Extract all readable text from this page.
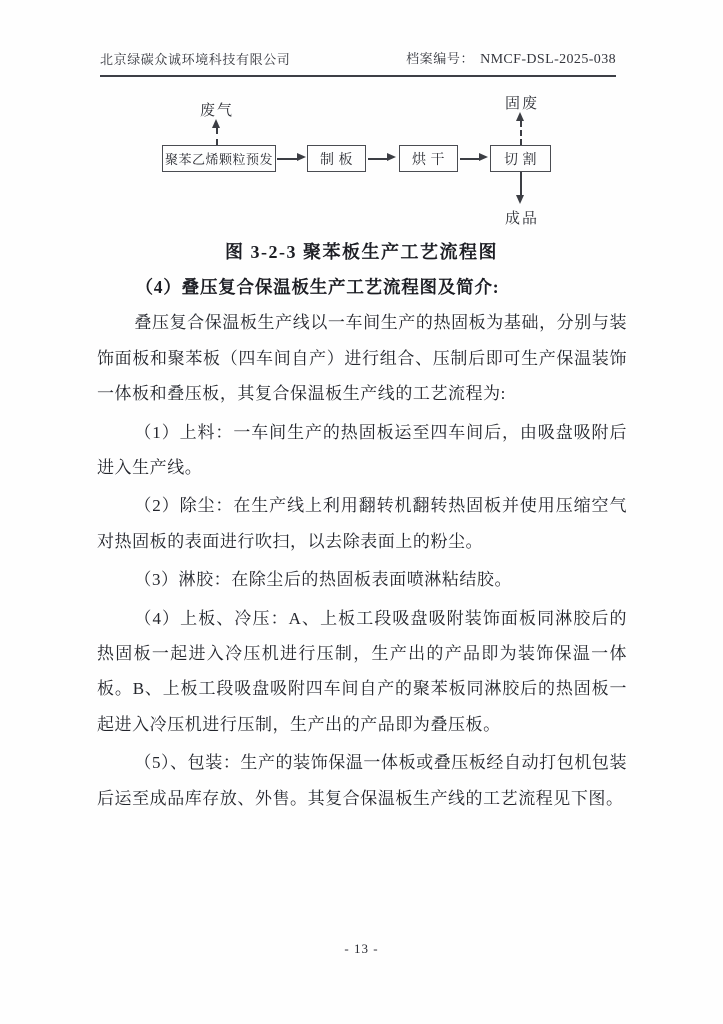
北京绿碳众诚环境科技有限公司	档案编号： NMCF-DSL-2025-038
废气
聚苯乙烯颗粒预发	制 板	烘 干	切 割
固废
成品
图 3-2-3 聚苯板生产工艺流程图

（4）叠压复合保温板生产工艺流程图及简介:

叠压复合保温板生产线以一车间生产的热固板为基础，分别与装饰面板和聚苯板（四车间自产）进行组合、压制后即可生产保温装饰一体板和叠压板，其复合保温板生产线的工艺流程为:

（1）上料：一车间生产的热固板运至四车间后，由吸盘吸附后进入生产线。

（2）除尘：在生产线上利用翻转机翻转热固板并使用压缩空气对热固板的表面进行吹扫，以去除表面上的粉尘。

（3）淋胶：在除尘后的热固板表面喷淋粘结胶。

（4）上板、冷压：A、上板工段吸盘吸附装饰面板同淋胶后的热固板一起进入冷压机进行压制，生产出的产品即为装饰保温一体板。B、上板工段吸盘吸附四车间自产的聚苯板同淋胶后的热固板一起进入冷压机进行压制，生产出的产品即为叠压板。

（5）、包装：生产的装饰保温一体板或叠压板经自动打包机包装后运至成品库存放、外售。其复合保温板生产线的工艺流程见下图。

- 13 -
